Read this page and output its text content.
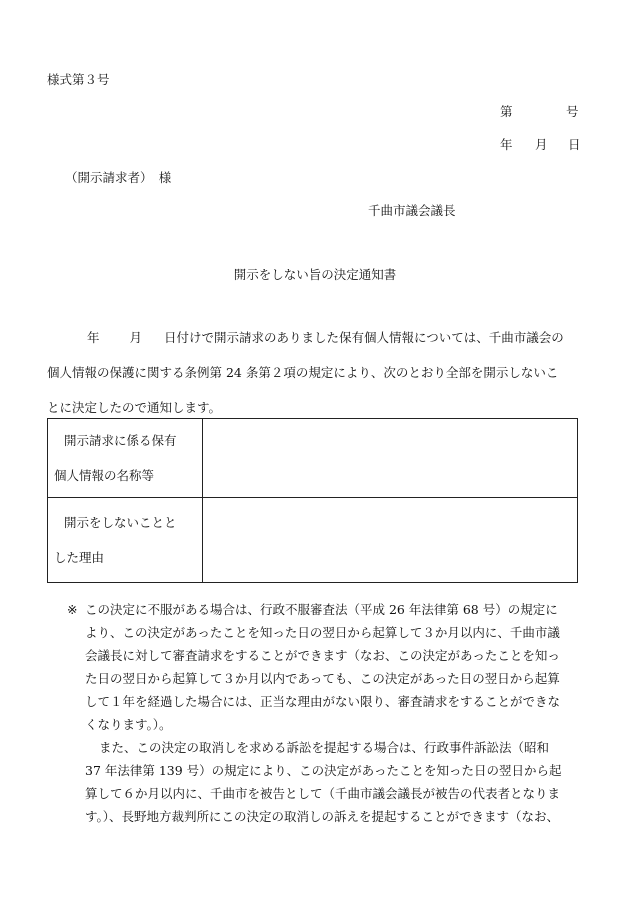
様式第３号
第	号
年 月 日
（開示請求者）　様
千曲市議会議長
開示をしない旨の決定通知書
年 月 日付けで開示請求のありました保有個人情報については、千曲市議会の
個人情報の保護に関する条例第 24 条第２項の規定により、次のとおり全部を開示しないこ
とに決定したので通知します。
開示請求に係る保有
個人情報の名称等	

開示をしないことと
した理由	

※ この決定に不服がある場合は、行政不服審査法（平成 26 年法律第 68 号）の規定に
より、この決定があったことを知った日の翌日から起算して３か月以内に、千曲市議
会議長に対して審査請求をすることができます（なお、この決定があったことを知っ
た日の翌日から起算して３か月以内であっても、この決定があった日の翌日から起算
して１年を経過した場合には、正当な理由がない限り、審査請求をすることができな
くなります。）。
また、この決定の取消しを求める訴訟を提起する場合は、行政事件訴訟法（昭和
37 年法律第 139 号）の規定により、この決定があったことを知った日の翌日から起
算して６か月以内に、千曲市を被告として（千曲市議会議長が被告の代表者となりま
す。）、長野地方裁判所にこの決定の取消しの訴えを提起することができます（なお、
